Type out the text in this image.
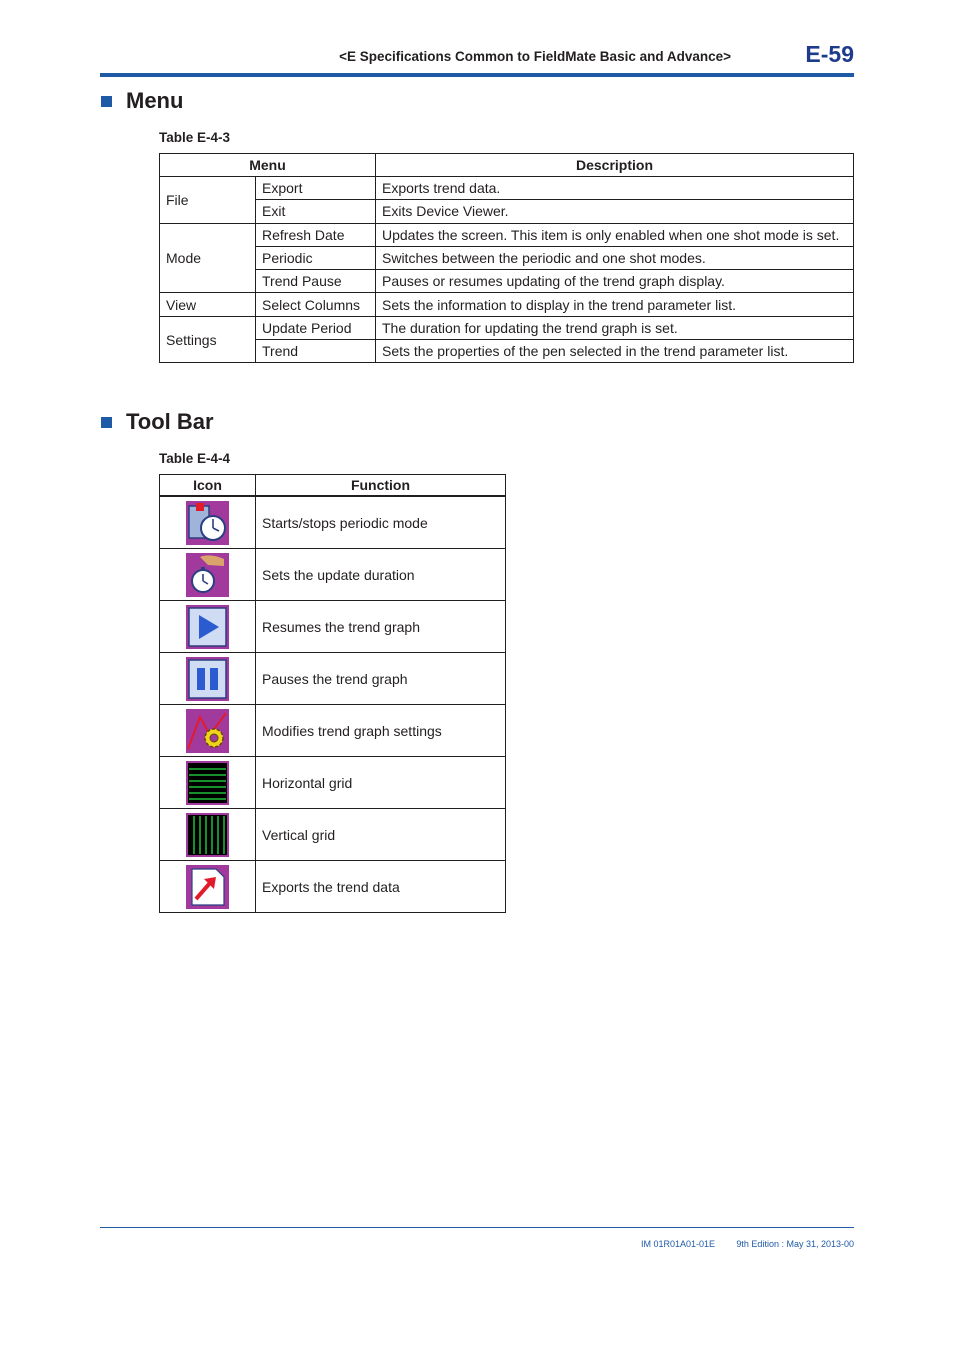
<E Specifications Common to FieldMate Basic and Advance>	E-59
Menu
Table E-4-3
Menu		Description
File	Export	Exports trend data.
	Exit	Exits Device Viewer.
Mode	Refresh Date	Updates the screen. This item is only enabled when one shot mode is set.
	Periodic	Switches between the periodic and one shot modes.
	Trend Pause	Pauses or resumes updating of the trend graph display.
View	Select Columns	Sets the information to display in the trend parameter list.
Settings	Update Period	The duration for updating the trend graph is set.
	Trend	Sets the properties of the pen selected in the trend parameter list.
Tool Bar
Table E-4-4
Icon	Function

	Starts/stops periodic mode

	Sets the update duration

	Resumes the trend graph

	Pauses the trend graph

	Modifies trend graph settings

	Horizontal grid

	Vertical grid

	Exports the trend data
IM 01R01A01-01E 9th Edition : May 31, 2013-00
